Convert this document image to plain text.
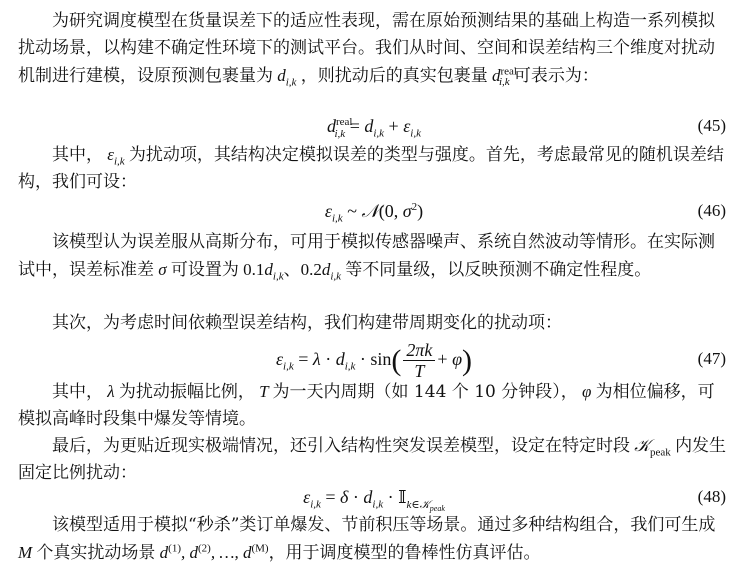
为研究调度模型在货量误差下的适应性表现，需在原始预测结果的基础上构造一系列模拟扰动场景，以构建不确定性环境下的测试平台。我们从时间、空间和误差结构三个维度对扰动机制进行建模，设原预测包裹量为 $d_{i,k}$ ，则扰动后的真实包裹量 $d^{real}_{i,k}$ 可表示为：

$d^{real}_{i,k} = d_{i,k} + \varepsilon_{i,k}$	(45)

其中， $\varepsilon_{i,k}$ 为扰动项，其结构决定模拟误差的类型与强度。首先，考虑最常见的随机误差结构，我们可设：

$\varepsilon_{i,k}$ ~ 𝒩(0, $\sigma^2$)	(46)

该模型认为误差服从高斯分布，可用于模拟传感器噪声、系统自然波动等情形。在实际测试中，误差标准差 σ 可设置为 $0.1d_{i,k}$、$0.2d_{i,k}$ 等不同量级，以反映预测不确定性程度。

其次，为考虑时间依赖型误差结构，我们构建带周期变化的扰动项：

$\varepsilon_{i,k} = \lambda \cdot d_{i,k} \cdot \sin( \frac{2\pi k}{T} + \varphi)$	(47)

其中， λ 为扰动振幅比例， T 为一天内周期（如 144 个 10 分钟段）， φ 为相位偏移，可模拟高峰时段集中爆发等情境。

最后，为更贴近现实极端情况，还引入结构性突发误差模型，设定在特定时段 𝒦$_{peak}$ 内发生固定比例扰动：

$\varepsilon_{i,k} = \delta \cdot d_{i,k}$ · 𝕀$_{k\in 𝒦_{peak}}$
(48)

该模型适用于模拟“秒杀”类订单爆发、节前积压等场景。通过多种结构组合，我们可生成 M 个真实扰动场景 $d^{(1)}$, $d^{(2)}$, …, $d^{(M)}$，用于调度模型的鲁棒性仿真评估。
